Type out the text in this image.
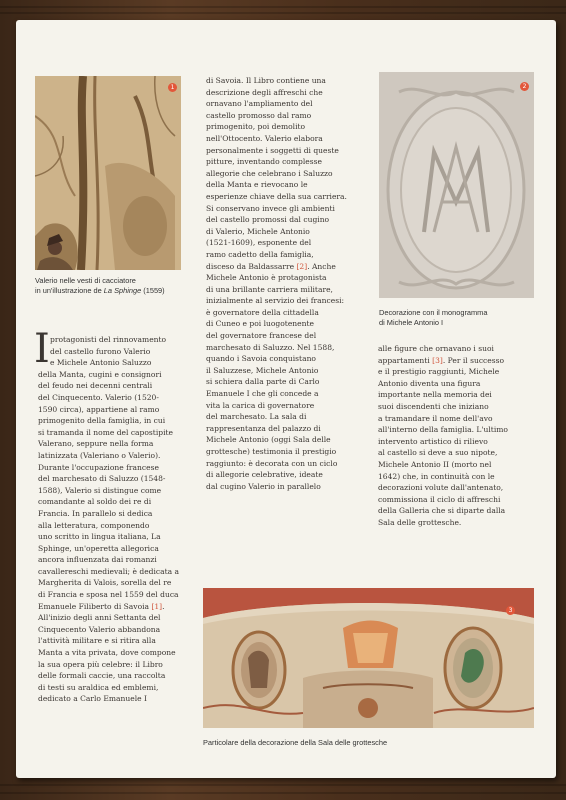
1
Valerio nelle vesti di cacciatore
in un'illustrazione de La Sphinge (1559)
2
Decorazione con il monogramma
di Michele Antonio I
I protagonisti del rinnovamento
del castello furono Valerio
e Michele Antonio Saluzzo
della Manta, cugini e consignori
del feudo nei decenni centrali
del Cinquecento. Valerio (1520-
1590 circa), appartiene al ramo
primogenito della famiglia, in cui
si tramanda il nome del capostipite
Valerano, seppure nella forma
latinizzata (Valeriano o Valerio).
Durante l'occupazione francese
del marchesato di Saluzzo (1548-
1588), Valerio si distingue come
comandante al soldo dei re di
Francia. In parallelo si dedica
alla letteratura, componendo
uno scritto in lingua italiana, La
Sphinge, un'operetta allegorica
ancora influenzata dai romanzi
cavallereschi medievali; è dedicata a
Margherita di Valois, sorella del re
di Francia e sposa nel 1559 del duca
Emanuele Filiberto di Savoia [1].
All'inizio degli anni Settanta del
Cinquecento Valerio abbandona
l'attività militare e si ritira alla
Manta a vita privata, dove compone
la sua opera più celebre: il Libro
delle formali caccie, una raccolta
di testi su araldica ed emblemi,
dedicato a Carlo Emanuele I
di Savoia. Il Libro contiene una
descrizione degli affreschi che
ornavano l'ampliamento del
castello promosso dal ramo
primogenito, poi demolito
nell'Ottocento. Valerio elabora
personalmente i soggetti di queste
pitture, inventando complesse
allegorie che celebrano i Saluzzo
della Manta e rievocano le
esperienze chiave della sua carriera.
Si conservano invece gli ambienti
del castello promossi dal cugino
di Valerio, Michele Antonio
(1521-1609), esponente del
ramo cadetto della famiglia,
disceso da Baldassarre [2]. Anche
Michele Antonio è protagonista
di una brillante carriera militare,
inizialmente al servizio dei francesi:
è governatore della cittadella
di Cuneo e poi luogotenente
del governatore francese del
marchesato di Saluzzo. Nel 1588,
quando i Savoia conquistano
il Saluzzese, Michele Antonio
si schiera dalla parte di Carlo
Emanuele I che gli concede a
vita la carica di governatore
del marchesato. La sala di
rappresentanza del palazzo di
Michele Antonio (oggi Sala delle
grottesche) testimonia il prestigio
raggiunto: è decorata con un ciclo
di allegorie celebrative, ideate
dal cugino Valerio in parallelo
alle figure che ornavano i suoi
appartamenti [3]. Per il successo
e il prestigio raggiunti, Michele
Antonio diventa una figura
importante nella memoria dei
suoi discendenti che iniziano
a tramandare il nome dell'avo
all'interno della famiglia. L'ultimo
intervento artistico di rilievo
al castello si deve a suo nipote,
Michele Antonio II (morto nel
1642) che, in continuità con le
decorazioni volute dall'antenato,
commissiona il ciclo di affreschi
della Galleria che si diparte dalla
Sala delle grottesche.
3
Particolare della decorazione della Sala delle grottesche
